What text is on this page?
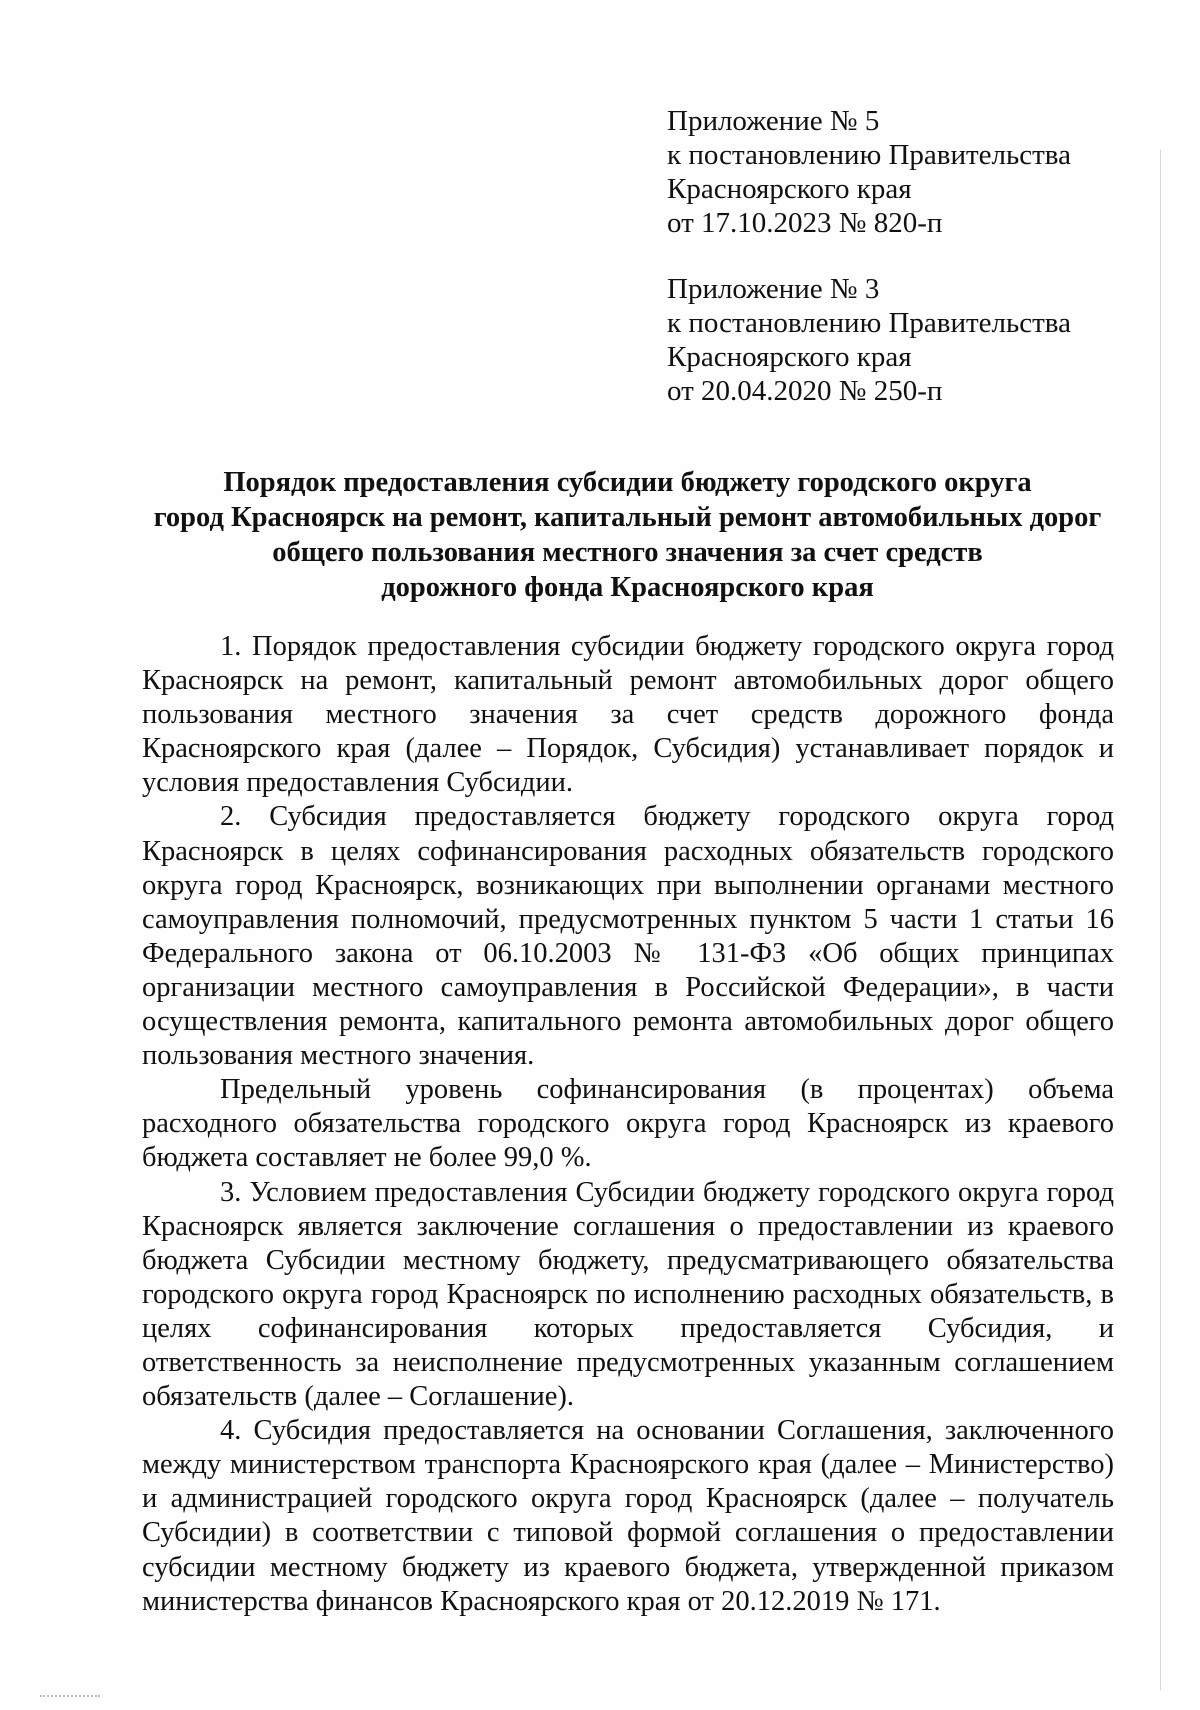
Приложение № 5
к постановлению Правительства
Красноярского края
от 17.10.2023 № 820-п
Приложение № 3
к постановлению Правительства
Красноярского края
от 20.04.2020 № 250-п
Порядок предоставления субсидии бюджету городского округа
город Красноярск на ремонт, капитальный ремонт автомобильных дорог
общего пользования местного значения за счет средств
дорожного фонда Красноярского края

1. Порядок предоставления субсидии бюджету городского округа город Красноярск на ремонт, капитальный ремонт автомобильных дорог общего пользования местного значения за счет средств дорожного фонда Красноярского края (далее – Порядок, Субсидия) устанавливает порядок и условия предоставления Субсидии.

2. Субсидия предоставляется бюджету городского округа город Красноярск в целях софинансирования расходных обязательств городского округа город Красноярск, возникающих при выполнении органами местного самоуправления полномочий, предусмотренных пунктом 5 части 1 статьи 16 Федерального закона от 06.10.2003 № 131-ФЗ «Об общих принципах организации местного самоуправления в Российской Федерации», в части осуществления ремонта, капитального ремонта автомобильных дорог общего пользования местного значения.

Предельный уровень софинансирования (в процентах) объема расходного обязательства городского округа город Красноярск из краевого бюджета составляет не более 99,0 %.

3. Условием предоставления Субсидии бюджету городского округа город Красноярск является заключение соглашения о предоставлении из краевого бюджета Субсидии местному бюджету, предусматривающего обязательства городского округа город Красноярск по исполнению расходных обязательств, в целях софинансирования которых предоставляется Субсидия, и ответственность за неисполнение предусмотренных указанным соглашением обязательств (далее – Соглашение).

4. Субсидия предоставляется на основании Соглашения, заключенного между министерством транспорта Красноярского края (далее – Министерство) и администрацией городского округа город Красноярск (далее – получатель Субсидии) в соответствии с типовой формой соглашения о предоставлении субсидии местному бюджету из краевого бюджета, утвержденной приказом министерства финансов Красноярского края от 20.12.2019 № 171.
